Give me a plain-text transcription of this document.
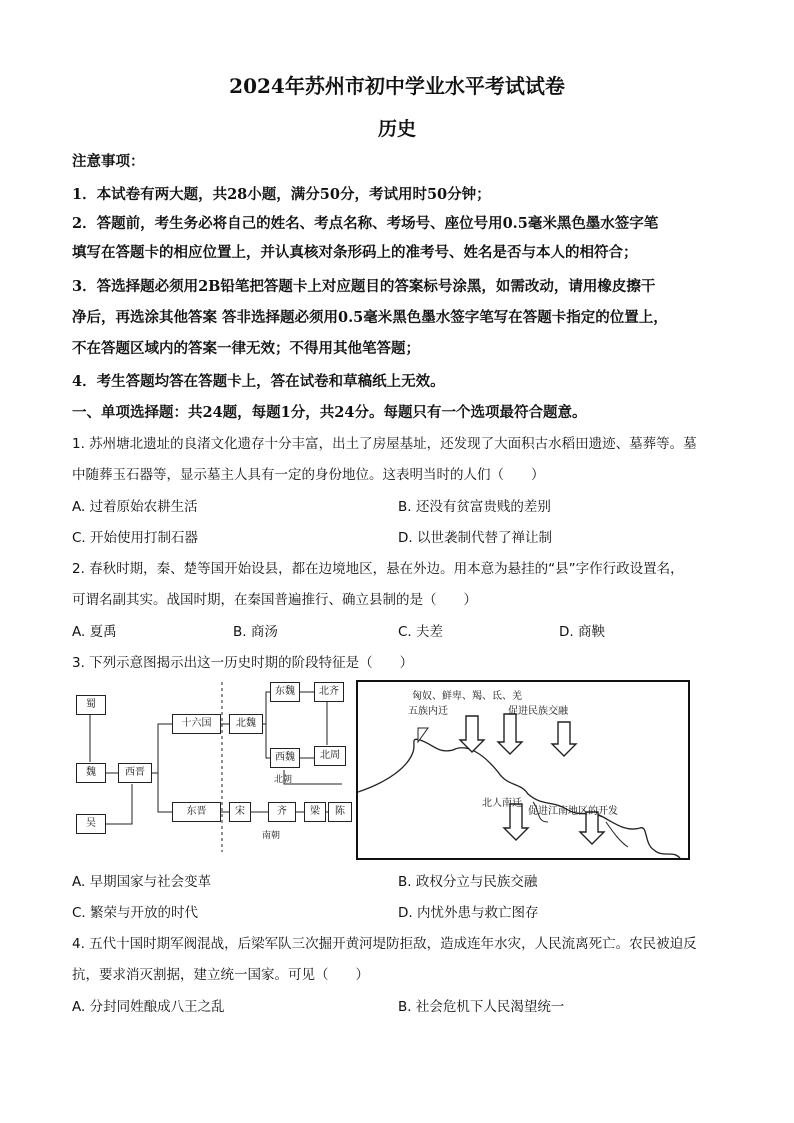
2024年苏州市初中学业水平考试试卷
历史
注意事项：
1．本试卷有两大题，共28小题，满分50分，考试用时50分钟；
2．答题前，考生务必将自己的姓名、考点名称、考场号、座位号用0.5毫米黑色墨水签字笔
填写在答题卡的相应位置上，并认真核对条形码上的准考号、姓名是否与本人的相符合；
3．答选择题必须用2B铅笔把答题卡上对应题目的答案标号涂黑，如需改动，请用橡皮擦干
净后，再选涂其他答案 答非选择题必须用0.5毫米黑色墨水签字笔写在答题卡指定的位置上，
不在答题区域内的答案一律无效；不得用其他笔答题；
4．考生答题均答在答题卡上，答在试卷和草稿纸上无效。
一、单项选择题：共24题，每题1分，共24分。每题只有一个选项最符合题意。
1. 苏州塘北遗址的良渚文化遗存十分丰富，出土了房屋基址，还发现了大面积古水稻田遗迹、墓葬等。墓
中随葬玉石器等，显示墓主人具有一定的身份地位。这表明当时的人们（　　）
A. 过着原始农耕生活	B. 还没有贫富贵贱的差别
C. 开始使用打制石器	D. 以世袭制代替了禅让制
2. 春秋时期，秦、楚等国开始设县，都在边境地区，悬在外边。用本意为悬挂的“县”字作行政设置名，
可谓名副其实。战国时期，在秦国普遍推行、确立县制的是（　　）
A. 夏禹	B. 商汤	C. 夫差	D. 商鞅
3. 下列示意图揭示出这一历史时期的阶段特征是（　　）
蜀
魏
吴
西晋
十六国	北魏
东魏	北齐
西魏	北周
北朝
东晋	宋	齐	梁	陈
南朝
匈奴、鲜卑、羯、氐、羌
五族内迁	促进民族交融
北人南迁
促进江南地区的开发
A. 早期国家与社会变革	B. 政权分立与民族交融
C. 繁荣与开放的时代	D. 内忧外患与救亡图存
4. 五代十国时期军阀混战，后梁军队三次掘开黄河堤防拒敌，造成连年水灾，人民流离死亡。农民被迫反
抗，要求消灭割据，建立统一国家。可见（　　）
A. 分封同姓酿成八王之乱	B. 社会危机下人民渴望统一
